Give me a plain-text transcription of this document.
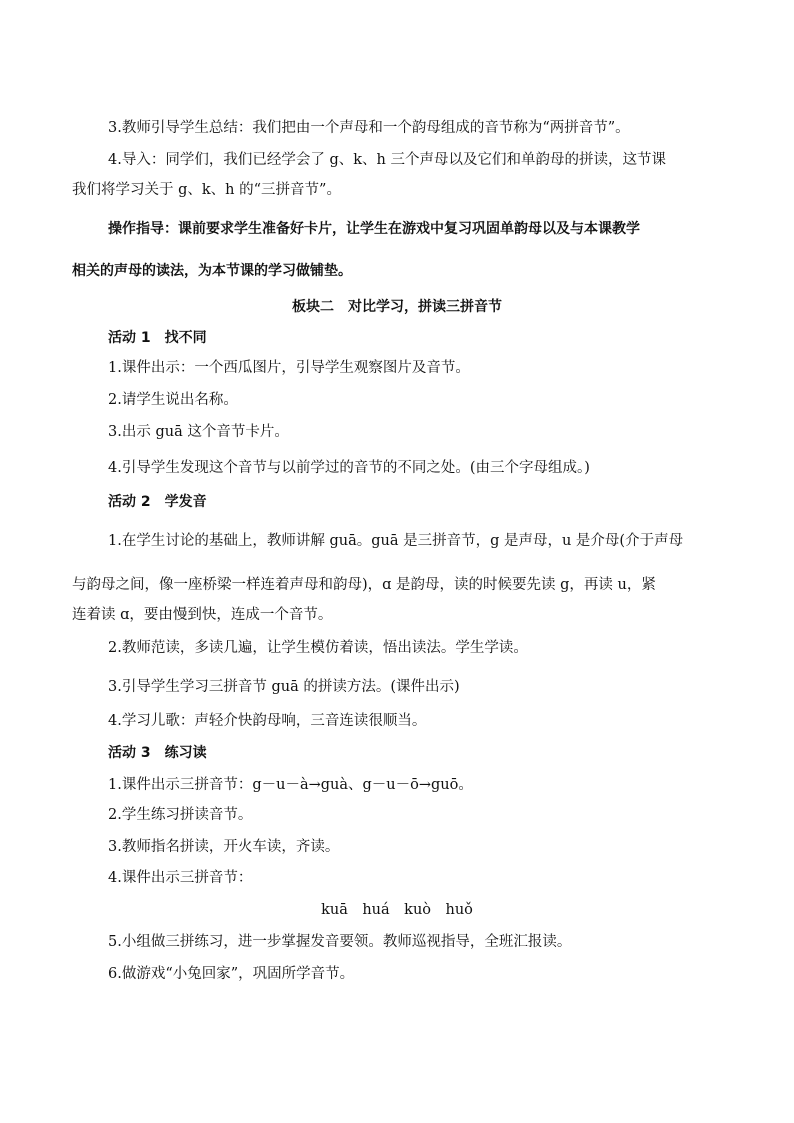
3.教师引导学生总结：我们把由一个声母和一个韵母组成的音节称为“两拼音节”。

4.导入：同学们，我们已经学会了 g、k、h 三个声母以及它们和单韵母的拼读，这节课

我们将学习关于 g、k、h 的“三拼音节”。

操作指导：课前要求学生准备好卡片，让学生在游戏中复习巩固单韵母以及与本课教学

相关的声母的读法，为本节课的学习做铺垫。

板块二　对比学习，拼读三拼音节

活动 1　找不同

1.课件出示：一个西瓜图片，引导学生观察图片及音节。

2.请学生说出名称。

3.出示 guā 这个音节卡片。

4.引导学生发现这个音节与以前学过的音节的不同之处。(由三个字母组成。)

活动 2　学发音

1.在学生讨论的基础上，教师讲解 guā。guā 是三拼音节，g 是声母，u 是介母(介于声母

与韵母之间，像一座桥梁一样连着声母和韵母)，ɑ 是韵母，读的时候要先读 g，再读 u，紧

连着读 ɑ，要由慢到快，连成一个音节。

2.教师范读，多读几遍，让学生模仿着读，悟出读法。学生学读。

3.引导学生学习三拼音节 guā 的拼读方法。(课件出示)

4.学习儿歌：声轻介快韵母响，三音连读很顺当。

活动 3　练习读

1.课件出示三拼音节：g－u－à→guà、g－u－ō→guō。

2.学生练习拼读音节。

3.教师指名拼读，开火车读，齐读。

4.课件出示三拼音节：

kuā　huá　kuò　huǒ

5.小组做三拼练习，进一步掌握发音要领。教师巡视指导，全班汇报读。

6.做游戏“小兔回家”，巩固所学音节。
